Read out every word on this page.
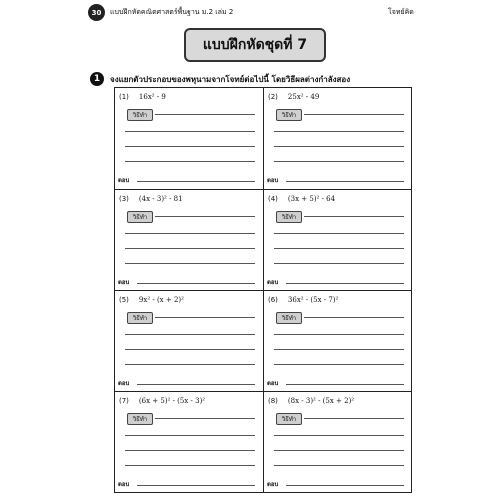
30	แบบฝึกหัดคณิตศาสตร์พื้นฐาน ม.2 เล่ม 2	โจทย์คิด
แบบฝึกหัดชุดที่ 7
1	จงแยกตัวประกอบของพหุนามจากโจทย์ต่อไปนี้ โดยวิธีผลต่างกำลังสอง
(1) 16x² - 9
วิธีทำ
ตอบ
(2) 25x² - 49
วิธีทำ
ตอบ
(3) (4x - 3)² - 81
วิธีทำ
ตอบ
(4) (3x + 5)² - 64
วิธีทำ
ตอบ
(5) 9x² - (x + 2)²
วิธีทำ
ตอบ
(6) 36x² - (5x - 7)²
วิธีทำ
ตอบ
(7) (6x + 5)² - (5x - 3)²
วิธีทำ
ตอบ
(8) (8x - 3)² - (5x + 2)²
วิธีทำ
ตอบ
